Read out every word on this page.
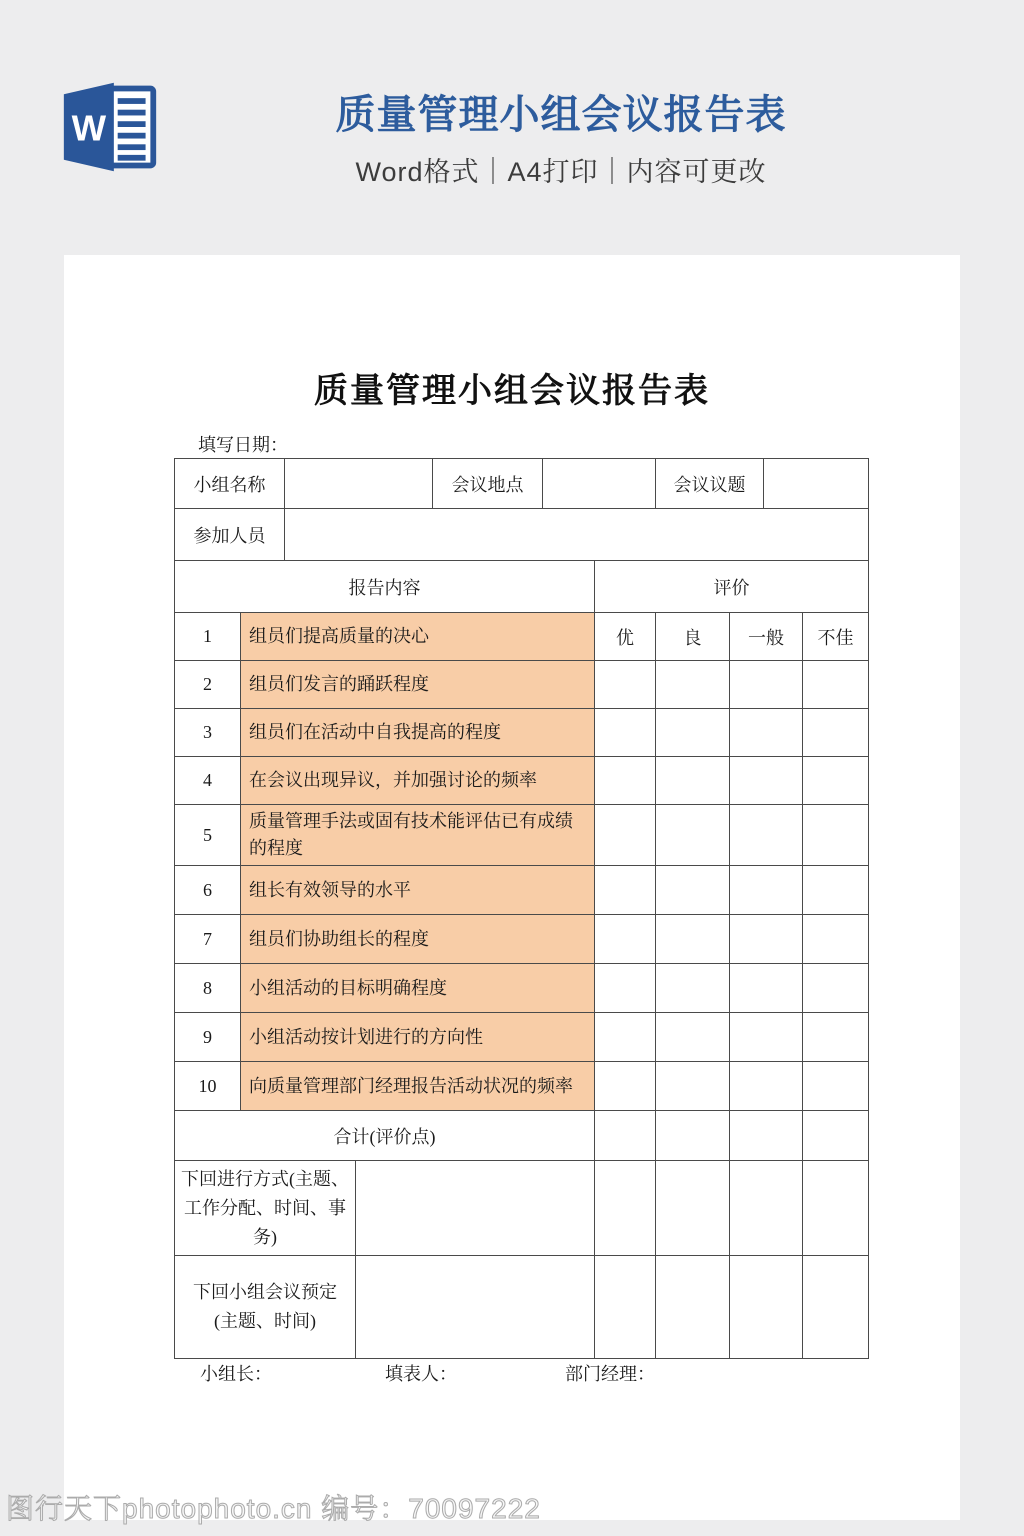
W	质量管理小组会议报告表
Word格式｜A4打印｜内容可更改
质量管理小组会议报告表
填写日期：
小组名称				会议地点			会议议题			
参加人员										
报告内容						评价				
1	组员们提高质量的决心					优	良	一般		不佳
2	组员们发言的踊跃程度									
3	组员们在活动中自我提高的程度									
4	在会议出现异议，并加强讨论的频率									
5	质量管理手法或固有技术能评估已有成绩的程度									
6	组长有效领导的水平									
7	组员们协助组长的程度									
8	小组活动的目标明确程度									
9	小组活动按计划进行的方向性									
10	向质量管理部门经理报告活动状况的频率									
合计(评价点)										

下回进行方式(主题、
工作分配、时间、事
务)										

下回小组会议预定
(主题、时间)										

小组长：	填表人：	部门经理：
图行天下photophoto.cn 编号：70097222
